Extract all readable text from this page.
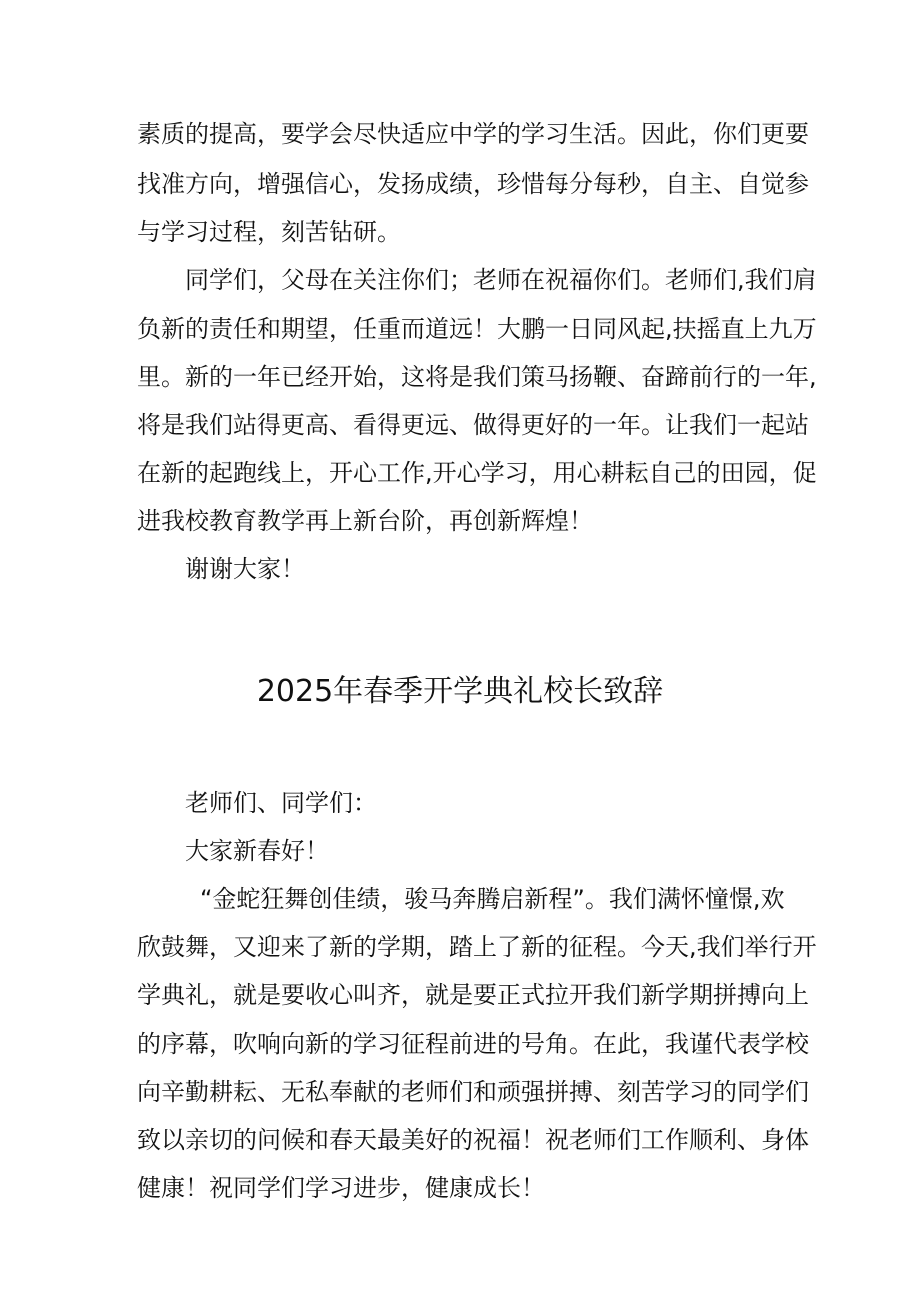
素质的提高，要学会尽快适应中学的学习生活。因此，你们更要
找准方向，增强信心，发扬成绩，珍惜每分每秒，自主、自觉参
与学习过程，刻苦钻研。
同学们，父母在关注你们；老师在祝福你们。老师们,我们肩
负新的责任和期望，任重而道远！大鹏一日同风起,扶摇直上九万
里。新的一年已经开始，这将是我们策马扬鞭、奋蹄前行的一年,
将是我们站得更高、看得更远、做得更好的一年。让我们一起站
在新的起跑线上，开心工作,开心学习，用心耕耘自己的田园，促
进我校教育教学再上新台阶，再创新辉煌！
谢谢大家！
2025年春季开学典礼校长致辞
老师们、同学们：
大家新春好！
“金蛇狂舞创佳绩，骏马奔腾启新程”。我们满怀憧憬,欢
欣鼓舞，又迎来了新的学期，踏上了新的征程。今天,我们举行开
学典礼，就是要收心叫齐，就是要正式拉开我们新学期拼搏向上
的序幕，吹响向新的学习征程前进的号角。在此，我谨代表学校
向辛勤耕耘、无私奉献的老师们和顽强拼搏、刻苦学习的同学们
致以亲切的问候和春天最美好的祝福！祝老师们工作顺利、身体
健康！祝同学们学习进步，健康成长！
